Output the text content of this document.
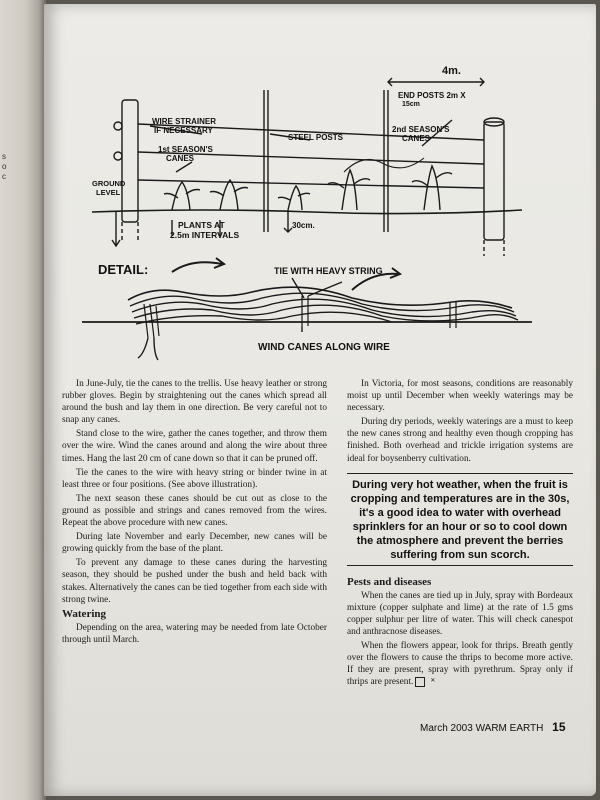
s
o
c
4m.
END POSTS 2m X
15cm
WIRE STRAINER
IF NECESSARY
STEEL POSTS
2nd SEASON'S
CANES
1st SEASON'S
CANES
GROUND
LEVEL
PLANTS AT
2.5m INTERVALS
30cm.
DETAIL:	TIE WITH HEAVY STRING
WIND CANES ALONG WIRE

In June-July, tie the canes to the trellis. Use heavy leather or strong rubber gloves. Begin by straightening out the canes which spread all around the bush and lay them in one direction. Be very careful not to snap any canes.

Stand close to the wire, gather the canes together, and throw them over the wire. Wind the canes around and along the wire about three times. Hang the last 20 cm of cane down so that it can be pruned off.

Tie the canes to the wire with heavy string or binder twine in at least three or four positions. (See above illustration).

The next season these canes should be cut out as close to the ground as possible and strings and canes removed from the wires. Repeat the above procedure with new canes.

During late November and early December, new canes will be growing quickly from the base of the plant.

To prevent any damage to these canes during the harvesting season, they should be pushed under the bush and held back with stakes. Alternatively the canes can be tied together from each side with strong twine.

Watering

Depending on the area, watering may be needed from late October through until March.

In Victoria, for most seasons, conditions are reasonably moist up until December when weekly waterings may be necessary.

During dry periods, weekly waterings are a must to keep the new canes strong and healthy even though cropping has finished. Both overhead and trickle irrigation systems are ideal for boysenberry cultivation.

During very hot weather, when the fruit is cropping and temperatures are in the 30s, it's a good idea to water with overhead sprinklers for an hour or so to cool down the atmosphere and prevent the berries suffering from sun scorch.

Pests and diseases

When the canes are tied up in July, spray with Bordeaux mixture (copper sulphate and lime) at the rate of 1.5 gms copper sulphur per litre of water. This will check canespot and anthracnose diseases.

When the flowers appear, look for thrips. Breath gently over the flowers to cause the thrips to become more active. If they are present, spray with pyrethrum. Spray only if thrips are present.	✕

March 2003 WARM EARTH 15
